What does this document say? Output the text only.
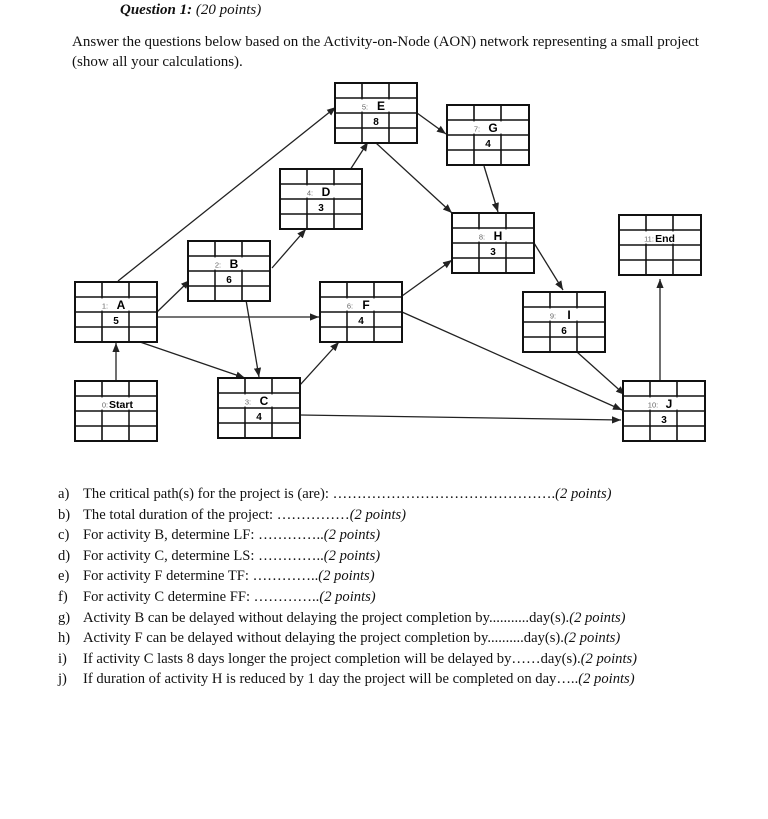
Question 1: (20 points)
Answer the questions below based on the Activity-on-Node (AON) network representing a small project (show all your calculations).
0: Start
1: A
5
2: B
6
3: C
4
4: D
3
5: E
8
6: F
4
7: G
4
8: H
3
9: I
6
10: J
3
11: End
a) The critical path(s) for the project is (are): ………………………………………. (2 points)
b) The total duration of the project: …………… (2 points)
c) For activity B, determine LF: ………….. (2 points)
d) For activity C, determine LS: ………….. (2 points)
e) For activity F determine TF: ………….. (2 points)
f)	For activity C determine FF: ………….. (2 points)
g) Activity B can be delayed without delaying the project completion by...........day(s). (2 points)
h) Activity F can be delayed without delaying the project completion by..........day(s). (2 points)
i)	If activity C lasts 8 days longer the project completion will be delayed by……day(s). (2 points)
j)	If duration of activity H is reduced by 1 day the project will be completed on day….. (2 points)
